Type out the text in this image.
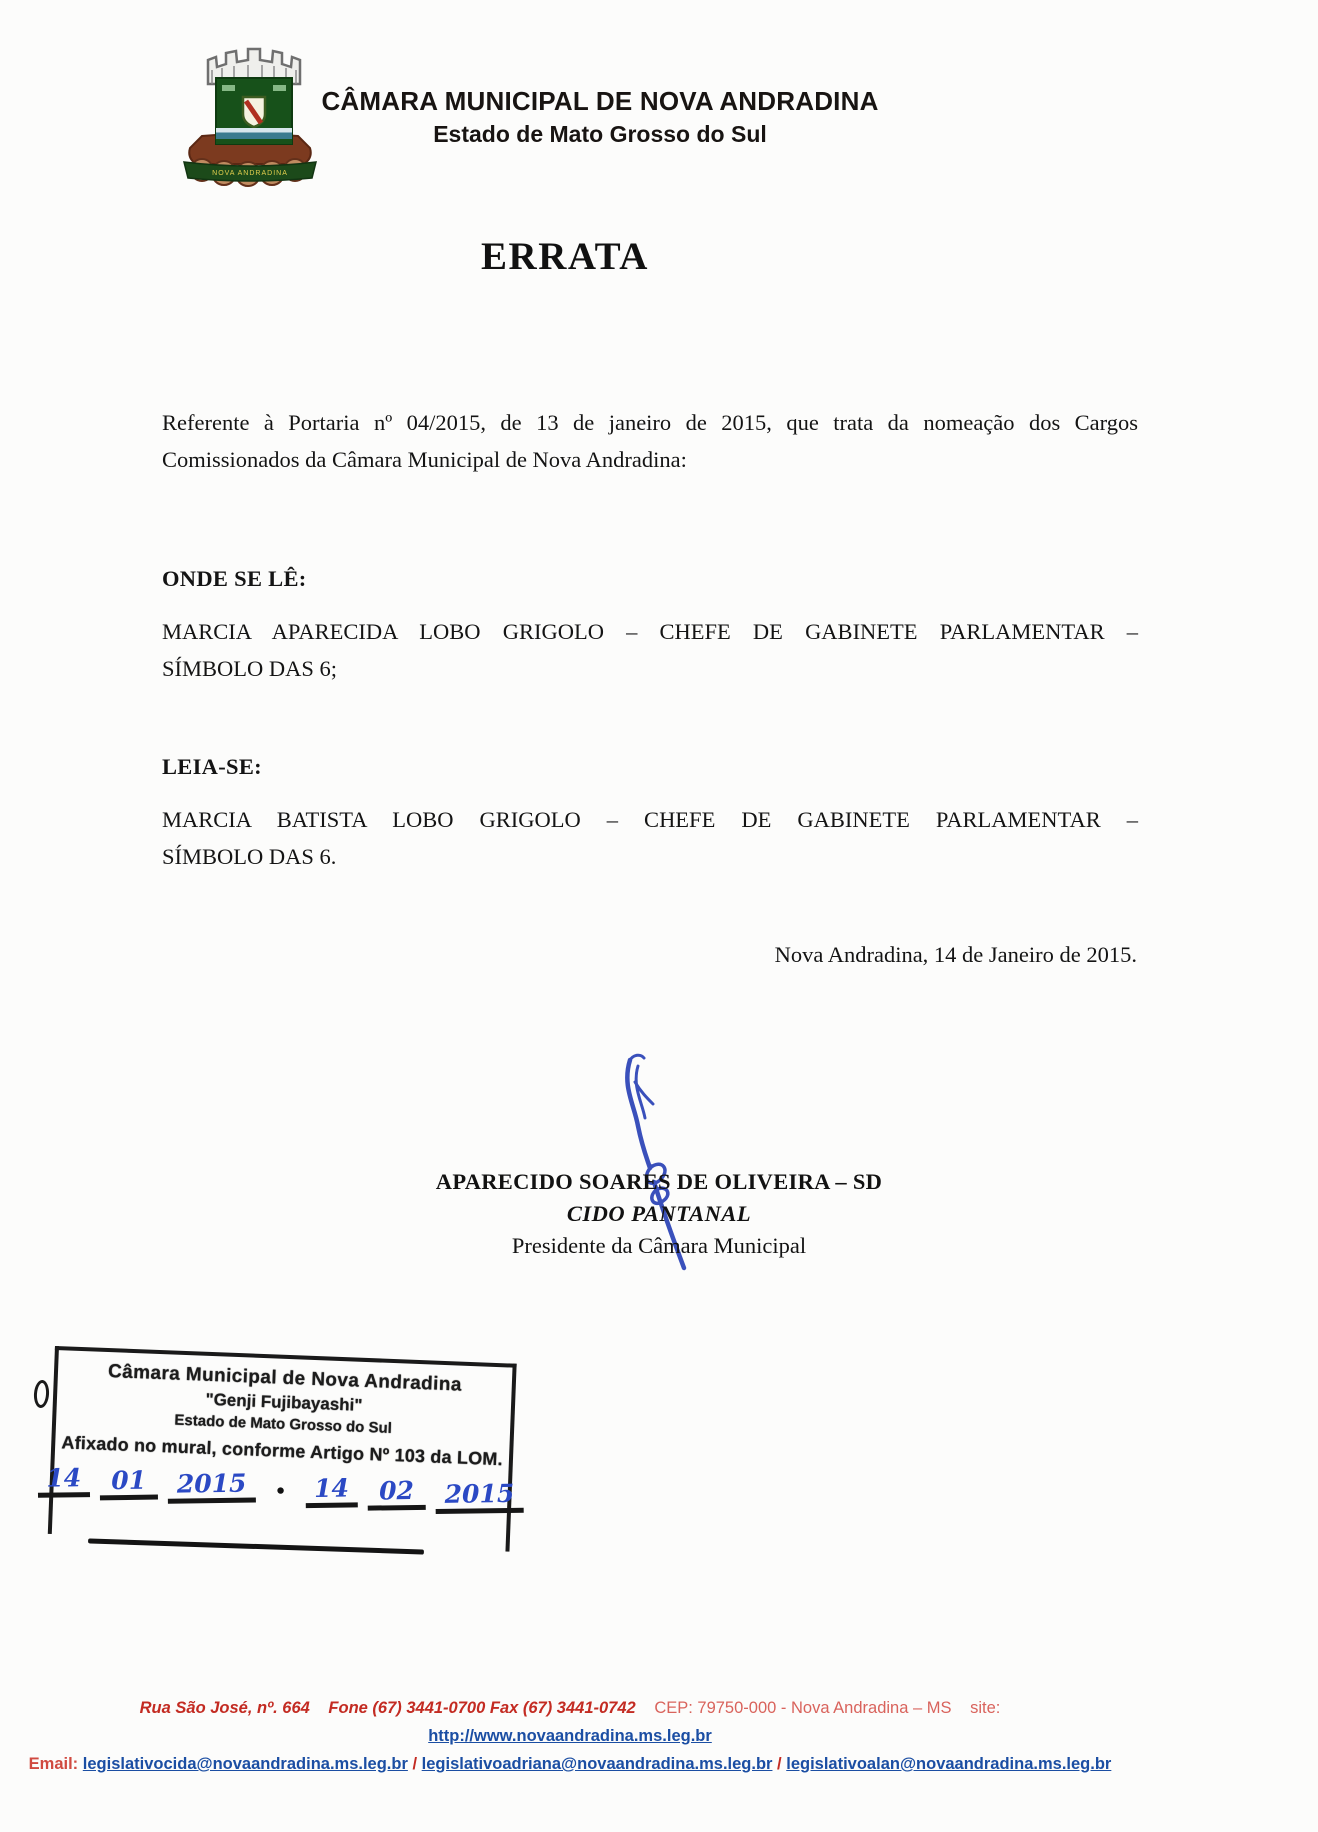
NOVA ANDRADINA
CÂMARA MUNICIPAL DE NOVA ANDRADINA
Estado de Mato Grosso do Sul
ERRATA
Referente à Portaria nº 04/2015, de 13 de janeiro de 2015, que trata da nomeação dos Cargos
Comissionados da Câmara Municipal de Nova Andradina:
ONDE SE LÊ:
MARCIA APARECIDA LOBO GRIGOLO – CHEFE DE GABINETE PARLAMENTAR –
SÍMBOLO DAS 6;
LEIA-SE:
MARCIA BATISTA LOBO GRIGOLO – CHEFE DE GABINETE PARLAMENTAR –
SÍMBOLO DAS 6.
Nova Andradina, 14 de Janeiro de 2015.
APARECIDO SOARES DE OLIVEIRA – SD
CIDO PANTANAL
Presidente da Câmara Municipal
Câmara Municipal de Nova Andradina
"Genji Fujibayashi"
Estado de Mato Grosso do Sul
Afixado no mural, conforme Artigo Nº 103 da LOM.
14	01	2015	●	14	02	2015
Rua São José, nº. 664 Fone (67) 3441-0700 Fax (67) 3441-0742 CEP: 79750-000 - Nova Andradina – MS site: http://www.novaandradina.ms.leg.br
Email: legislativocida@novaandradina.ms.leg.br / legislativoadriana@novaandradina.ms.leg.br / legislativoalan@novaandradina.ms.leg.br
